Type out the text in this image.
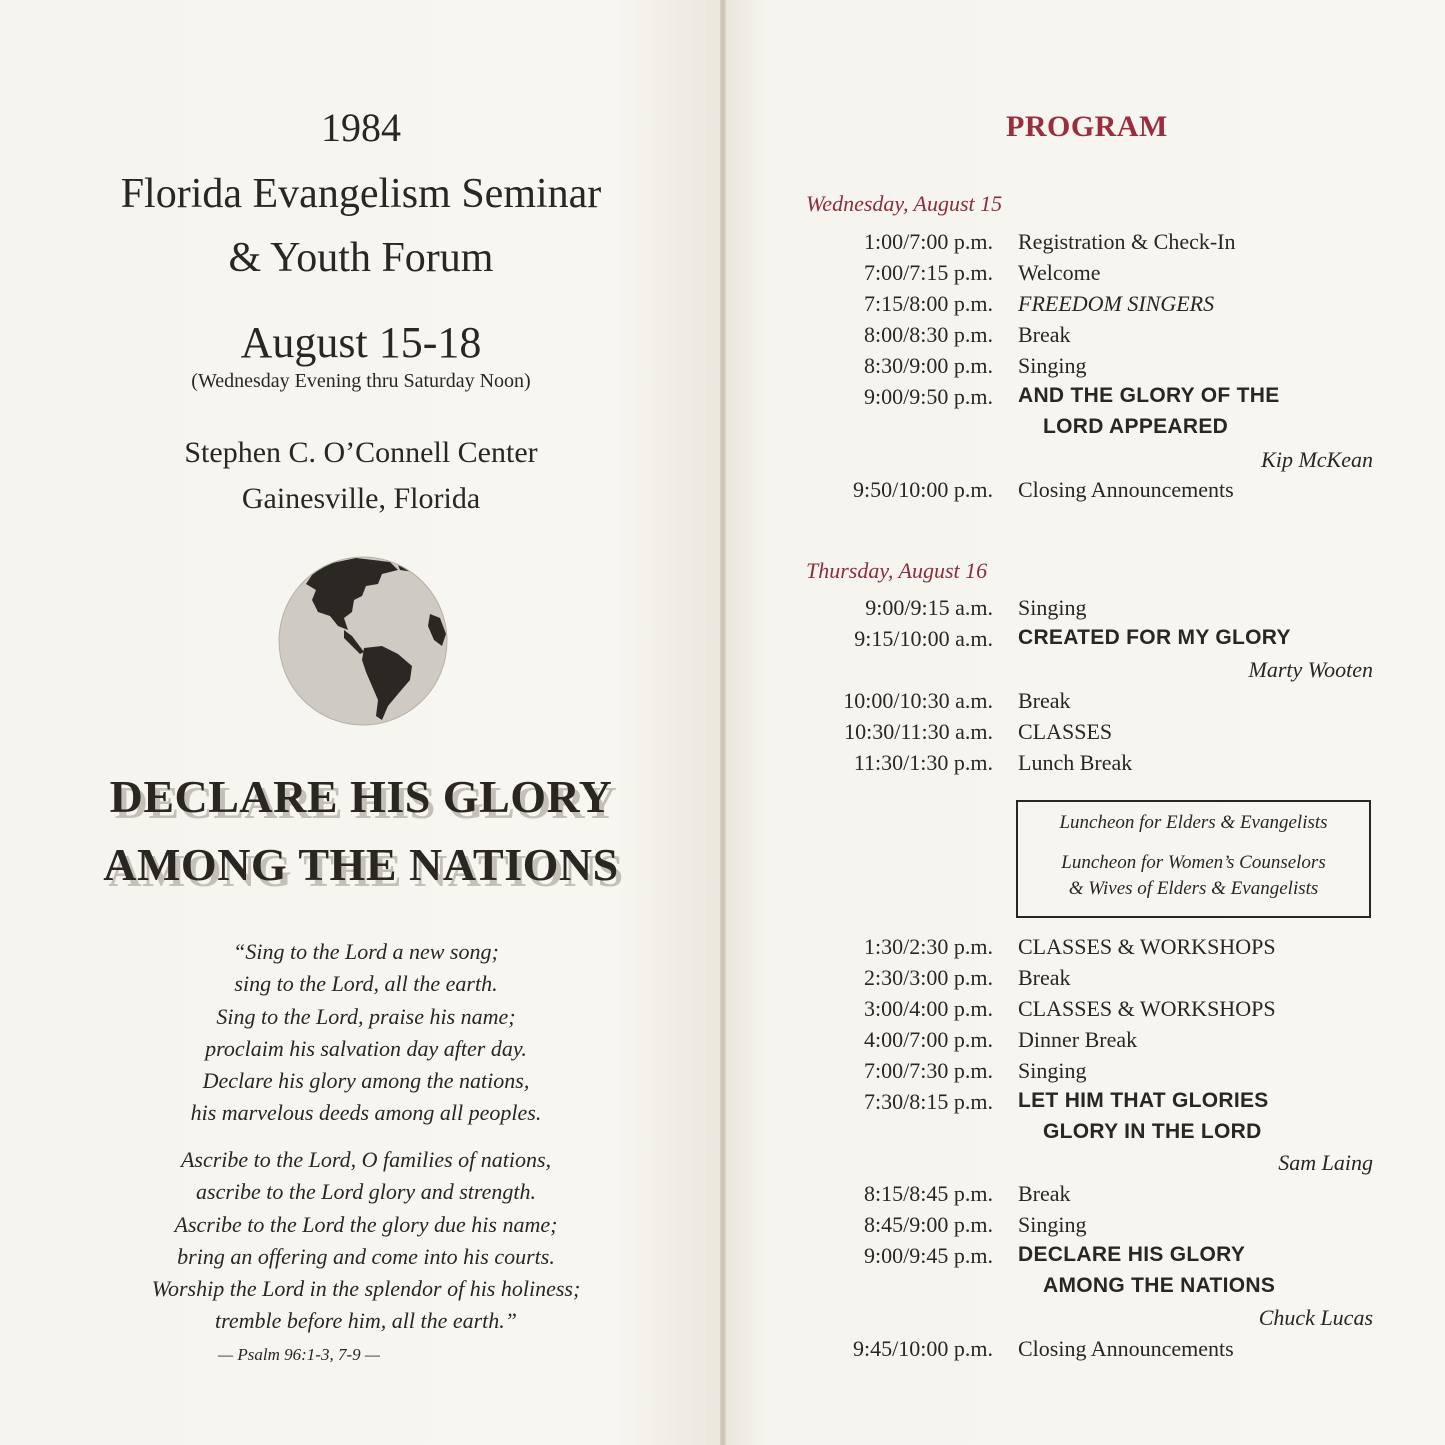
1984
Florida Evangelism Seminar
& Youth Forum
August 15-18
(Wednesday Evening thru Saturday Noon)
Stephen C. O’Connell Center
Gainesville, Florida
DECLARE HIS GLORY
AMONG THE NATIONS
“Sing to the Lord a new song;
sing to the Lord, all the earth.
Sing to the Lord, praise his name;
proclaim his salvation day after day.
Declare his glory among the nations,
his marvelous deeds among all peoples.
Ascribe to the Lord, O families of nations,
ascribe to the Lord glory and strength.
Ascribe to the Lord the glory due his name;
bring an offering and come into his courts.
Worship the Lord in the splendor of his holiness;
tremble before him, all the earth.”
— Psalm 96:1-3, 7-9 —
PROGRAM
Wednesday, August 15
1:00/7:00 p.m. Registration & Check-In
7:00/7:15 p.m. Welcome
7:15/8:00 p.m. FREEDOM SINGERS
8:00/8:30 p.m. Break
8:30/9:00 p.m. Singing
9:00/9:50 p.m. AND THE GLORY OF THE
LORD APPEARED
Kip McKean
9:50/10:00 p.m. Closing Announcements
Thursday, August 16
9:00/9:15 a.m. Singing
9:15/10:00 a.m. CREATED FOR MY GLORY
Marty Wooten
10:00/10:30 a.m. Break
10:30/11:30 a.m. CLASSES
11:30/1:30 p.m. Lunch Break
Luncheon for Elders & Evangelists
Luncheon for Women’s Counselors
& Wives of Elders & Evangelists
1:30/2:30 p.m. CLASSES & WORKSHOPS
2:30/3:00 p.m. Break
3:00/4:00 p.m. CLASSES & WORKSHOPS
4:00/7:00 p.m. Dinner Break
7:00/7:30 p.m. Singing
7:30/8:15 p.m. LET HIM THAT GLORIES
GLORY IN THE LORD
Sam Laing
8:15/8:45 p.m. Break
8:45/9:00 p.m. Singing
9:00/9:45 p.m. DECLARE HIS GLORY
AMONG THE NATIONS
Chuck Lucas
9:45/10:00 p.m. Closing Announcements
